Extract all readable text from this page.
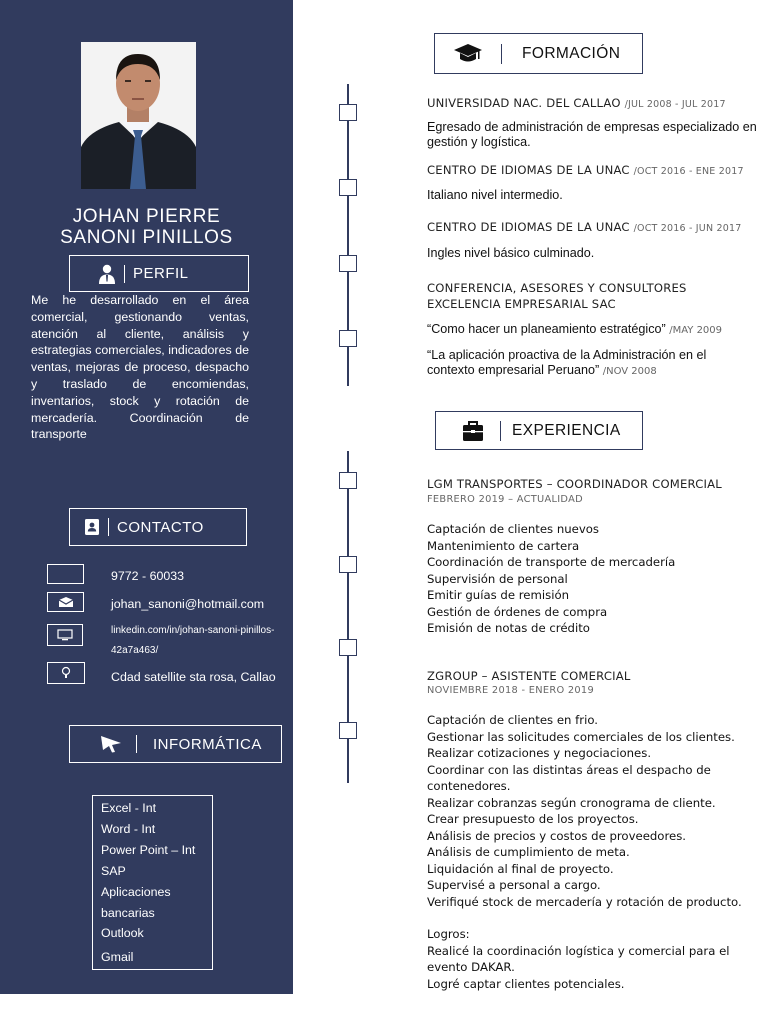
JOHAN PIERRE
SANONI PINILLOS
PERFIL

Me he desarrollado en el área comercial, gestionando ventas, atención al cliente, análisis y estrategias comerciales, indicadores de ventas, mejoras de proceso, despacho y traslado de encomiendas, inventarios, stock y rotación de mercadería. Coordinación de transporte

CONTACTO
9772 - 60033
johan_sanoni@hotmail.com
linkedin.com/in/johan-sanoni-pinillos-42a7a463/
Cdad satellite sta rosa, Callao
INFORMÁTICA
Excel - Int
Word - Int
Power Point – Int
SAP
Aplicaciones
bancarias
Outlook
Gmail
FORMACIÓN
UNIVERSIDAD NAC. DEL CALLAO /JUL 2008 - JUL 2017

Egresado de administración de empresas especializado en gestión y logística.

CENTRO DE IDIOMAS DE LA UNAC /OCT 2016 - ENE 2017

Italiano nivel intermedio.

CENTRO DE IDIOMAS DE LA UNAC /OCT 2016 - JUN 2017

Ingles nivel básico culminado.

CONFERENCIA, ASESORES Y CONSULTORES EXCELENCIA EMPRESARIAL SAC

“Como hacer un planeamiento estratégico” /MAY 2009

“La aplicación proactiva de la Administración en el contexto empresarial Peruano” /NOV 2008

EXPERIENCIA
LGM TRANSPORTES – COORDINADOR COMERCIAL
FEBRERO 2019 – ACTUALIDAD
Captación de clientes nuevos
Mantenimiento de cartera
Coordinación de transporte de mercadería
Supervisión de personal
Emitir guías de remisión
Gestión de órdenes de compra
Emisión de notas de crédito
ZGROUP – ASISTENTE COMERCIAL
NOVIEMBRE 2018 - ENERO 2019
Captación de clientes en frio.
Gestionar las solicitudes comerciales de los clientes.
Realizar cotizaciones y negociaciones.
Coordinar con las distintas áreas el despacho de contenedores.
Realizar cobranzas según cronograma de cliente.
Crear presupuesto de los proyectos.
Análisis de precios y costos de proveedores.
Análisis de cumplimiento de meta.
Liquidación al final de proyecto.
Supervisé a personal a cargo.
Verifiqué stock de mercadería y rotación de producto.
Logros:
Realicé la coordinación logística y comercial para el evento DAKAR.
Logré captar clientes potenciales.
